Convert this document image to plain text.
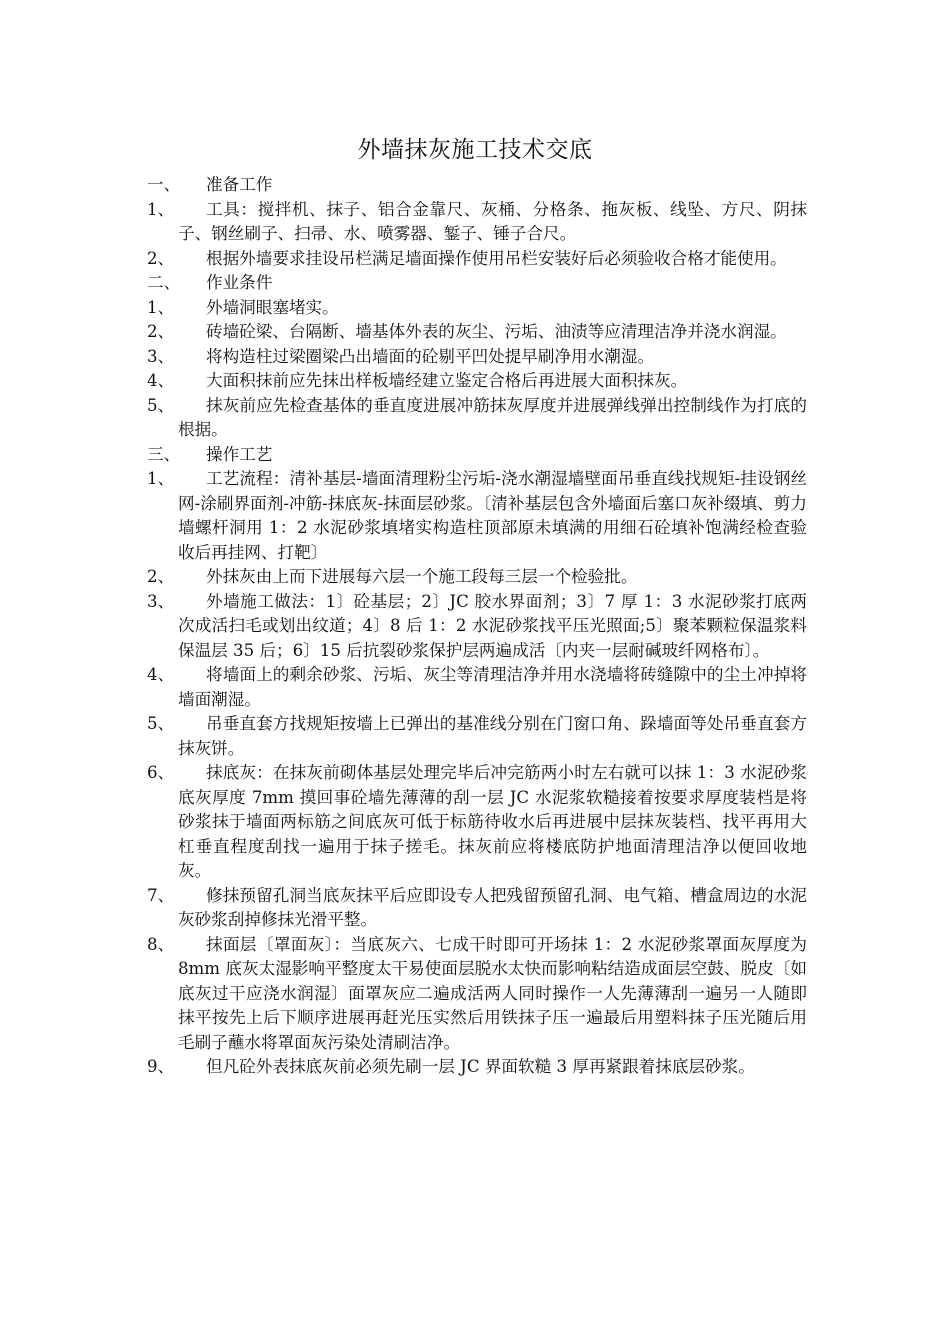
外墙抹灰施工技术交底
一、	准备工作
1、	工具：搅拌机、抹子、铝合金靠尺、灰桶、分格条、拖灰板、线坠、方尺、阴抹子、钢丝刷子、扫帚、水、喷雾器、錾子、锤子合尺。
2、	根据外墙要求挂设吊栏满足墙面操作使用吊栏安装好后必须验收合格才能使用。
二、	作业条件
1、	外墙洞眼塞堵实。
2、	砖墙砼梁、台隔断、墙基体外表的灰尘、污垢、油渍等应清理洁净并浇水润湿。
3、	将构造柱过梁圈梁凸出墙面的砼剔平凹处提早刷净用水潮湿。
4、	大面积抹前应先抹出样板墙经建立鉴定合格后再进展大面积抹灰。
5、	抹灰前应先检查基体的垂直度进展冲筋抹灰厚度并进展弹线弹出控制线作为打底的根据。
三、	操作工艺
1、	工艺流程：清补基层-墙面清理粉尘污垢-浇水潮湿墙壁面吊垂直线找规矩-挂设钢丝网-涂刷界面剂-冲筋-抹底灰-抹面层砂浆。〔清补基层包含外墙面后塞口灰补缀填、剪力墙螺杆洞用 1：2 水泥砂浆填堵实构造柱顶部原未填满的用细石砼填补饱满经检查验收后再挂网、打靶〕
2、	外抹灰由上而下进展每六层一个施工段每三层一个检验批。
3、	外墙施工做法：1〕砼基层；2〕JC 胶水界面剂；3〕7 厚 1：3 水泥砂浆打底两次成活扫毛或划出纹道；4〕8 后 1：2 水泥砂浆找平压光照面;5〕聚苯颗粒保温浆料保温层 35 后；6〕15 后抗裂砂浆保护层两遍成活〔内夹一层耐碱玻纤网格布〕。
4、	将墙面上的剩余砂浆、污垢、灰尘等清理洁净并用水浇墙将砖缝隙中的尘土冲掉将墙面潮湿。
5、	吊垂直套方找规矩按墙上已弹出的基准线分别在门窗口角、跺墙面等处吊垂直套方抹灰饼。
6、	抹底灰：在抹灰前砌体基层处理完毕后冲完筋两小时左右就可以抹 1：3 水泥砂浆底灰厚度 7mm 摸回事砼墙先薄薄的刮一层 JC 水泥浆软糙接着按要求厚度装档是将砂浆抹于墙面两标筋之间底灰可低于标筋待收水后再进展中层抹灰装档、找平再用大杠垂直程度刮找一遍用于抹子搓毛。抹灰前应将楼底防护地面清理洁净以便回收地灰。
7、	修抹预留孔洞当底灰抹平后应即设专人把残留预留孔洞、电气箱、槽盒周边的水泥灰砂浆刮掉修抹光滑平整。
8、	抹面层〔罩面灰〕：当底灰六、七成干时即可开场抹 1：2 水泥砂浆罩面灰厚度为 8mm 底灰太湿影响平整度太干易使面层脱水太快而影响粘结造成面层空鼓、脱皮〔如底灰过干应浇水润湿〕面罩灰应二遍成活两人同时操作一人先薄薄刮一遍另一人随即抹平按先上后下顺序进展再赶光压实然后用铁抹子压一遍最后用塑料抹子压光随后用毛刷子蘸水将罩面灰污染处清刷洁净。
9、	但凡砼外表抹底灰前必须先刷一层 JC 界面软糙 3 厚再紧跟着抹底层砂浆。
